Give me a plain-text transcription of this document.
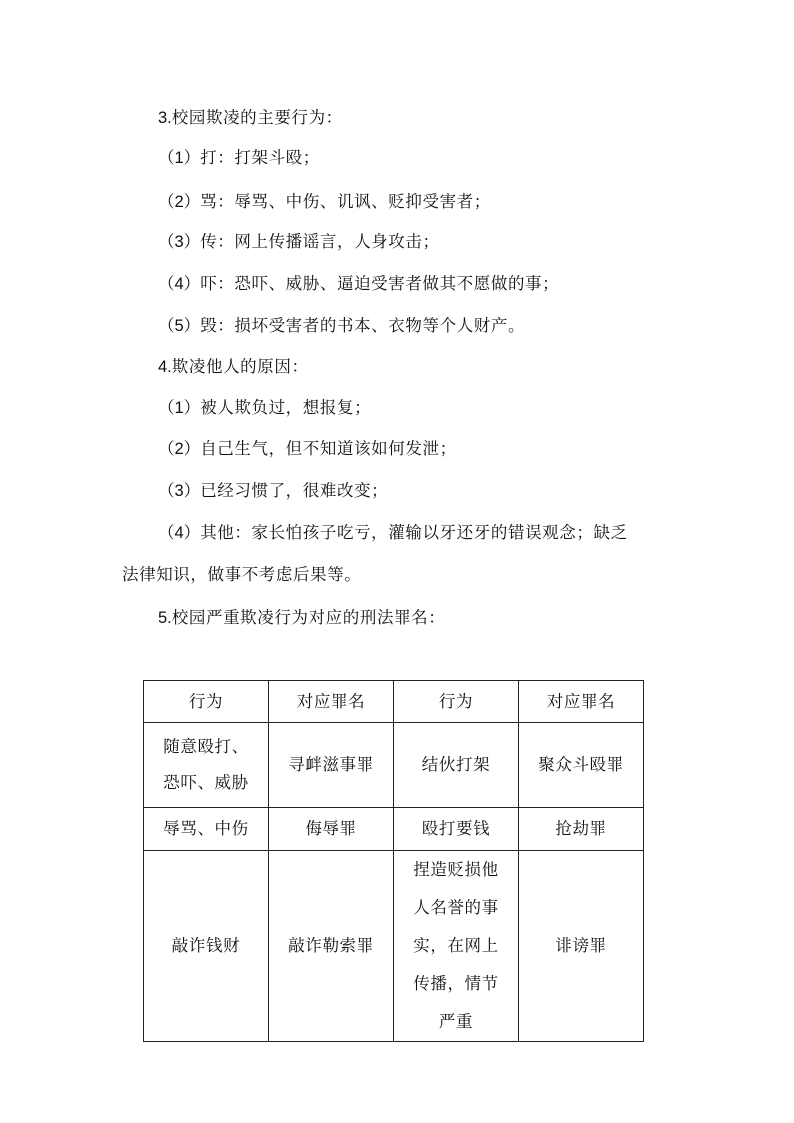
3.校园欺凌的主要行为：
（1）打：打架斗殴；
（2）骂：辱骂、中伤、讥讽、贬抑受害者；
（3）传：网上传播谣言，人身攻击；
（4）吓：恐吓、威胁、逼迫受害者做其不愿做的事；
（5）毁：损坏受害者的书本、衣物等个人财产。
4.欺凌他人的原因：
（1）被人欺负过，想报复；
（2）自己生气，但不知道该如何发泄；
（3）已经习惯了，很难改变；
（4）其他：家长怕孩子吃亏，灌输以牙还牙的错误观念；缺乏
法律知识，做事不考虑后果等。
5.校园严重欺凌行为对应的刑法罪名：
行为	对应罪名	行为	对应罪名
随意殴打、恐吓、威胁	寻衅滋事罪	结伙打架	聚众斗殴罪
辱骂、中伤	侮辱罪	殴打要钱	抢劫罪
敲诈钱财	敲诈勒索罪	捏造贬损他人名誉的事实，在网上传播，情节严重	诽谤罪
